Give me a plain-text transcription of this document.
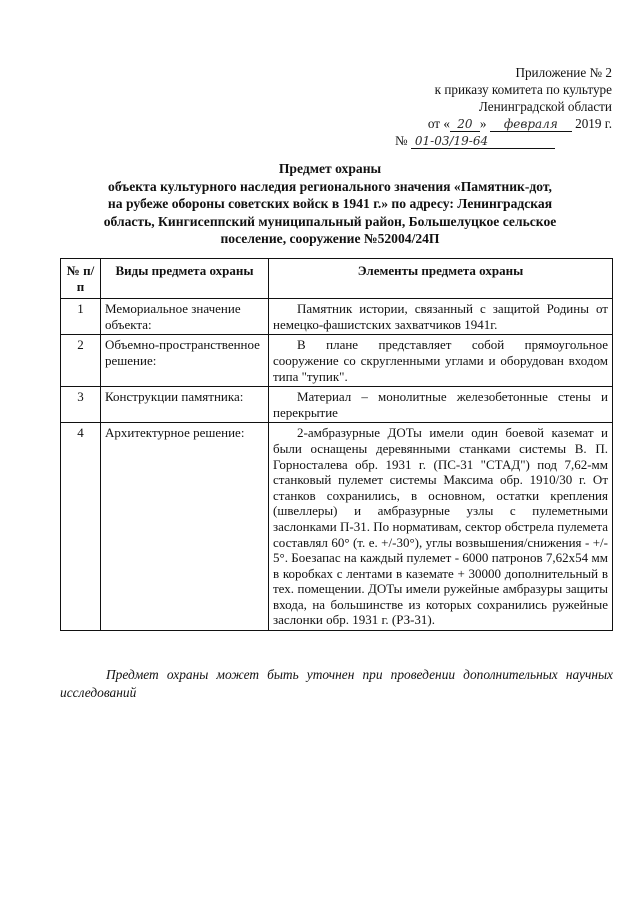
Приложение № 2
к приказу комитета по культуре
Ленинградской области
от « 20 » февраля 2019 г.
№ 01-03/19-64
Предмет охраны
объекта культурного наследия регионального значения «Памятник-дот,
на рубеже обороны советских войск в 1941 г.» по адресу: Ленинградская
область, Кингисеппский муниципальный район, Большелуцкое сельское
поселение, сооружение №52004/24П
№ п/п	Виды предмета охраны	Элементы предмета охраны
1	Мемориальное значение объекта:	Памятник истории, связанный с защитой Родины от немецко-фашистских захватчиков 1941г.
2	Объемно-пространственное решение:	В плане представляет собой прямоугольное сооружение со скругленными углами и оборудован входом типа "тупик".
3	Конструкции памятника:	Материал – монолитные железобетонные стены и перекрытие
4	Архитектурное решение:	2-амбразурные ДОТы имели один боевой каземат и были оснащены деревянными станками системы В. П. Горносталева обр. 1931 г. (ПС-31 "СТАД") под 7,62-мм станковый пулемет системы Максима обр. 1910/30 г. От станков сохранились, в основном, остатки крепления (швеллеры) и амбразурные узлы с пулеметными заслонками П-31. По нормативам, сектор обстрела пулемета составлял 60° (т. е. +/-30°), углы возвышения/снижения - +/- 5°. Боезапас на каждый пулемет - 6000 патронов 7,62x54 мм в коробках с лентами в каземате + 30000 дополнительный в тех. помещении. ДОТы имели ружейные амбразуры защиты входа, на большинстве из которых сохранились ружейные заслонки обр. 1931 г. (РЗ-31).
Предмет охраны может быть уточнен при проведении дополнительных научных исследований
